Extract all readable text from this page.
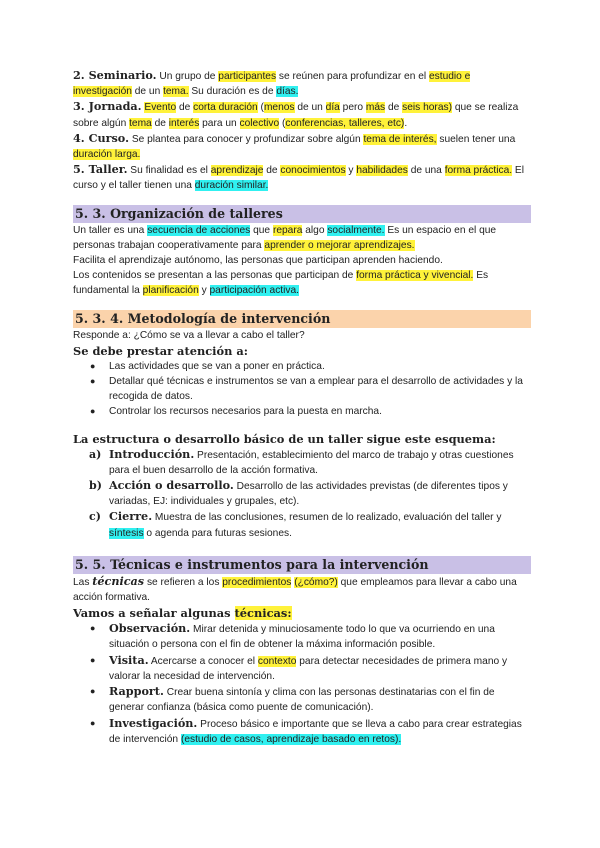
2. Seminario. Un grupo de participantes se reúnen para profundizar en el estudio e investigación de un tema. Su duración es de días.

3. Jornada. Evento de corta duración (menos de un día pero más de seis horas) que se realiza sobre algún tema de interés para un colectivo (conferencias, talleres, etc).

4. Curso. Se plantea para conocer y profundizar sobre algún tema de interés, suelen tener una duración larga.

5. Taller. Su finalidad es el aprendizaje de conocimientos y habilidades de una forma práctica. El curso y el taller tienen una duración similar.

5. 3. Organización de talleres

Un taller es una secuencia de acciones que repara algo socialmente. Es un espacio en el que personas trabajan cooperativamente para aprender o mejorar aprendizajes.

Facilita el aprendizaje autónomo, las personas que participan aprenden haciendo.

Los contenidos se presentan a las personas que participan de forma práctica y vivencial. Es fundamental la planificación y participación activa.

5. 3. 4. Metodología de intervención

Responde a: ¿Cómo se va a llevar a cabo el taller?

Se debe prestar atención a:

● Las actividades que se van a poner en práctica.
● Detallar qué técnicas e instrumentos se van a emplear para el desarrollo de actividades y la recogida de datos.
● Controlar los recursos necesarios para la puesta en marcha.

La estructura o desarrollo básico de un taller sigue este esquema:

a) Introducción. Presentación, establecimiento del marco de trabajo y otras cuestiones para el buen desarrollo de la acción formativa.
b) Acción o desarrollo. Desarrollo de las actividades previstas (de diferentes tipos y variadas, EJ: individuales y grupales, etc).
c) Cierre. Muestra de las conclusiones, resumen de lo realizado, evaluación del taller y síntesis o agenda para futuras sesiones.
5. 5. Técnicas e instrumentos para la intervención

Las técnicas se refieren a los procedimientos (¿cómo?) que empleamos para llevar a cabo una acción formativa.

Vamos a señalar algunas técnicas:

● Observación. Mirar detenida y minuciosamente todo lo que va ocurriendo en una situación o persona con el fin de obtener la máxima información posible.
● Visita. Acercarse a conocer el contexto para detectar necesidades de primera mano y valorar la necesidad de intervención.
● Rapport. Crear buena sintonía y clima con las personas destinatarias con el fin de generar confianza (básica como puente de comunicación).
● Investigación. Proceso básico e importante que se lleva a cabo para crear estrategias de intervención (estudio de casos, aprendizaje basado en retos).
